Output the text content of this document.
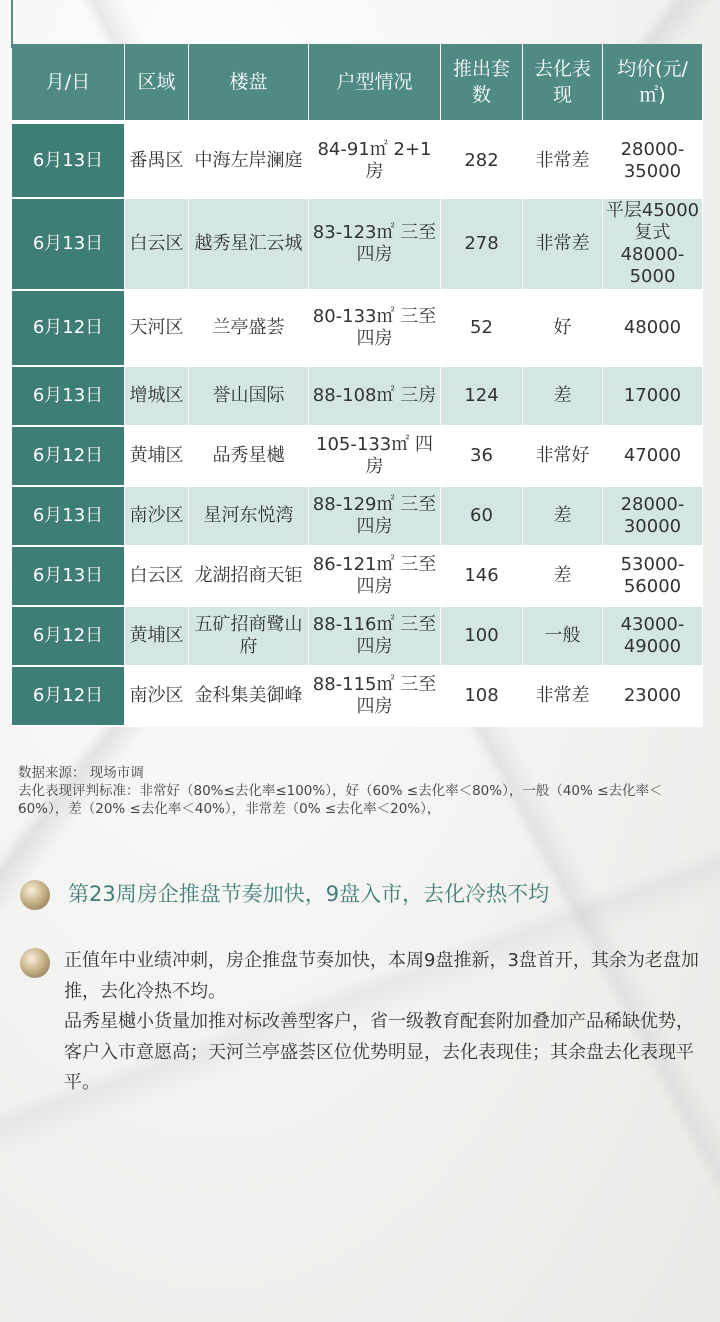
月/日	区域	楼盘	户型情况	推出套数	去化表现	均价(元/㎡)
6月13日	番禺区	中海左岸澜庭	84-91㎡ 2+1房	282	非常差	28000-35000
6月13日	白云区	越秀星汇云城	83-123㎡ 三至四房	278	非常差	平层45000 复式48000-5000
6月12日	天河区	兰亭盛荟	80-133㎡ 三至四房	52	好	48000
6月13日	增城区	誉山国际	88-108㎡ 三房	124	差	17000
6月12日	黄埔区	品秀星樾	105-133㎡ 四房	36	非常好	47000
6月13日	南沙区	星河东悦湾	88-129㎡ 三至四房	60	差	28000-30000
6月13日	白云区	龙湖招商天钜	86-121㎡ 三至四房	146	差	53000-56000
6月12日	黄埔区	五矿招商鹭山府	88-116㎡ 三至四房	100	一般	43000-49000
6月12日	南沙区	金科集美御峰	88-115㎡ 三至四房	108	非常差	23000
数据来源： 现场市调
去化表现评判标准：非常好（80%≤去化率≤100%），好（60% ≤去化率＜80%），一般（40% ≤去化率＜60%），差（20% ≤去化率＜40%），非常差（0% ≤去化率＜20%），
第23周房企推盘节奏加快，9盘入市，去化冷热不均

正值年中业绩冲刺，房企推盘节奏加快，本周9盘推新，3盘首开，其余为老盘加推，去化冷热不均。

品秀星樾小货量加推对标改善型客户，省一级教育配套附加叠加产品稀缺优势，客户入市意愿高；天河兰亭盛荟区位优势明显，去化表现佳；其余盘去化表现平平。
